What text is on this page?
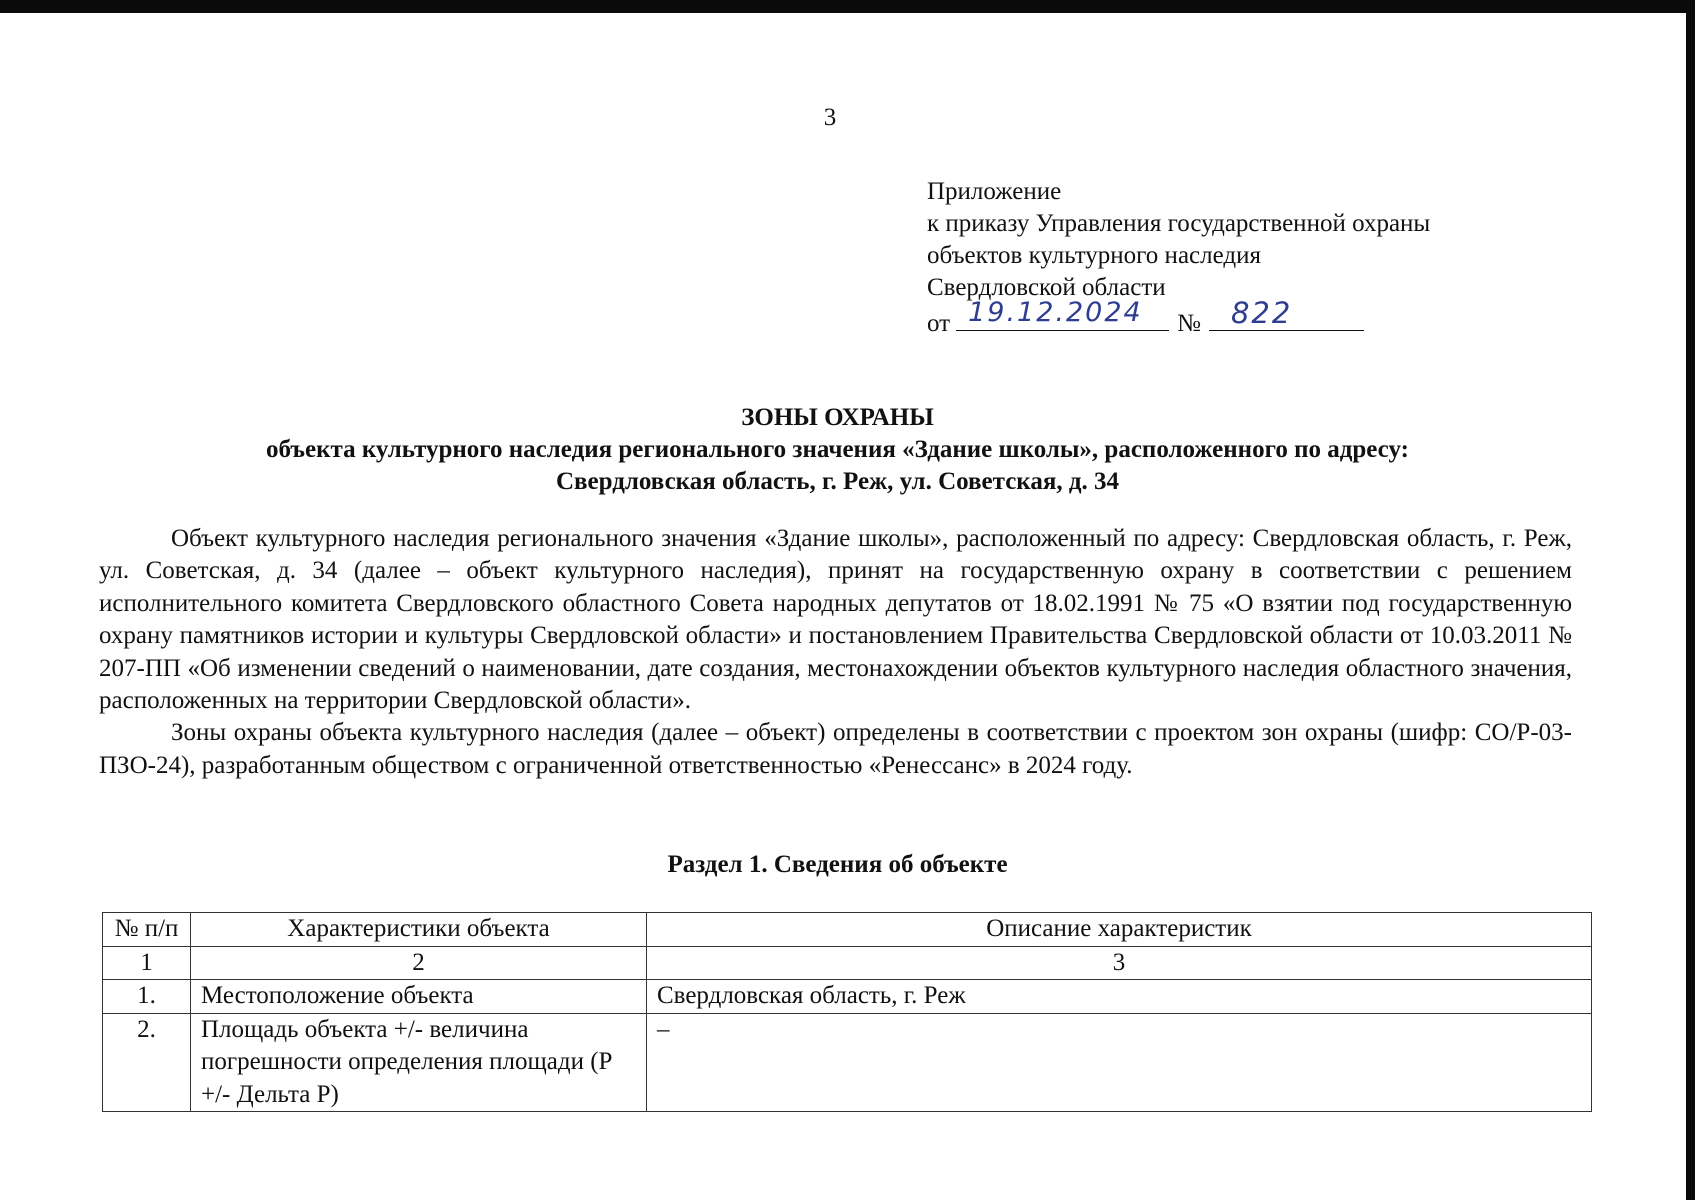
3
Приложение
к приказу Управления государственной охраны
объектов культурного наследия
Свердловской области
от 19.12.2024 № 822
ЗОНЫ ОХРАНЫ
объекта культурного наследия регионального значения «Здание школы», расположенного по адресу:
Свердловская область, г. Реж, ул. Советская, д. 34

Объект культурного наследия регионального значения «Здание школы», расположенный по адресу: Свердловская область, г. Реж, ул. Советская, д. 34 (далее – объект культурного наследия), принят на государственную охрану в соответствии с решением исполнительного комитета Свердловского областного Совета народных депутатов от 18.02.1991 № 75 «О взятии под государственную охрану памятников истории и культуры Свердловской области» и постановлением Правительства Свердловской области от 10.03.2011 № 207-ПП «Об изменении сведений о наименовании, дате создания, местонахождении объектов культурного наследия областного значения, расположенных на территории Свердловской области».

Зоны охраны объекта культурного наследия (далее – объект) определены в соответствии с проектом зон охраны (шифр: СО/Р-03-ПЗО-24), разработанным обществом с ограниченной ответственностью «Ренессанс» в 2024 году.

Раздел 1. Сведения об объекте
№ п/п	Характеристики объекта	Описание характеристик
1	2	3
1.	Местоположение объекта	Свердловская область, г. Реж
2.	Площадь объекта +/- величина погрешности определения площади (P +/- Дельта P)	–
